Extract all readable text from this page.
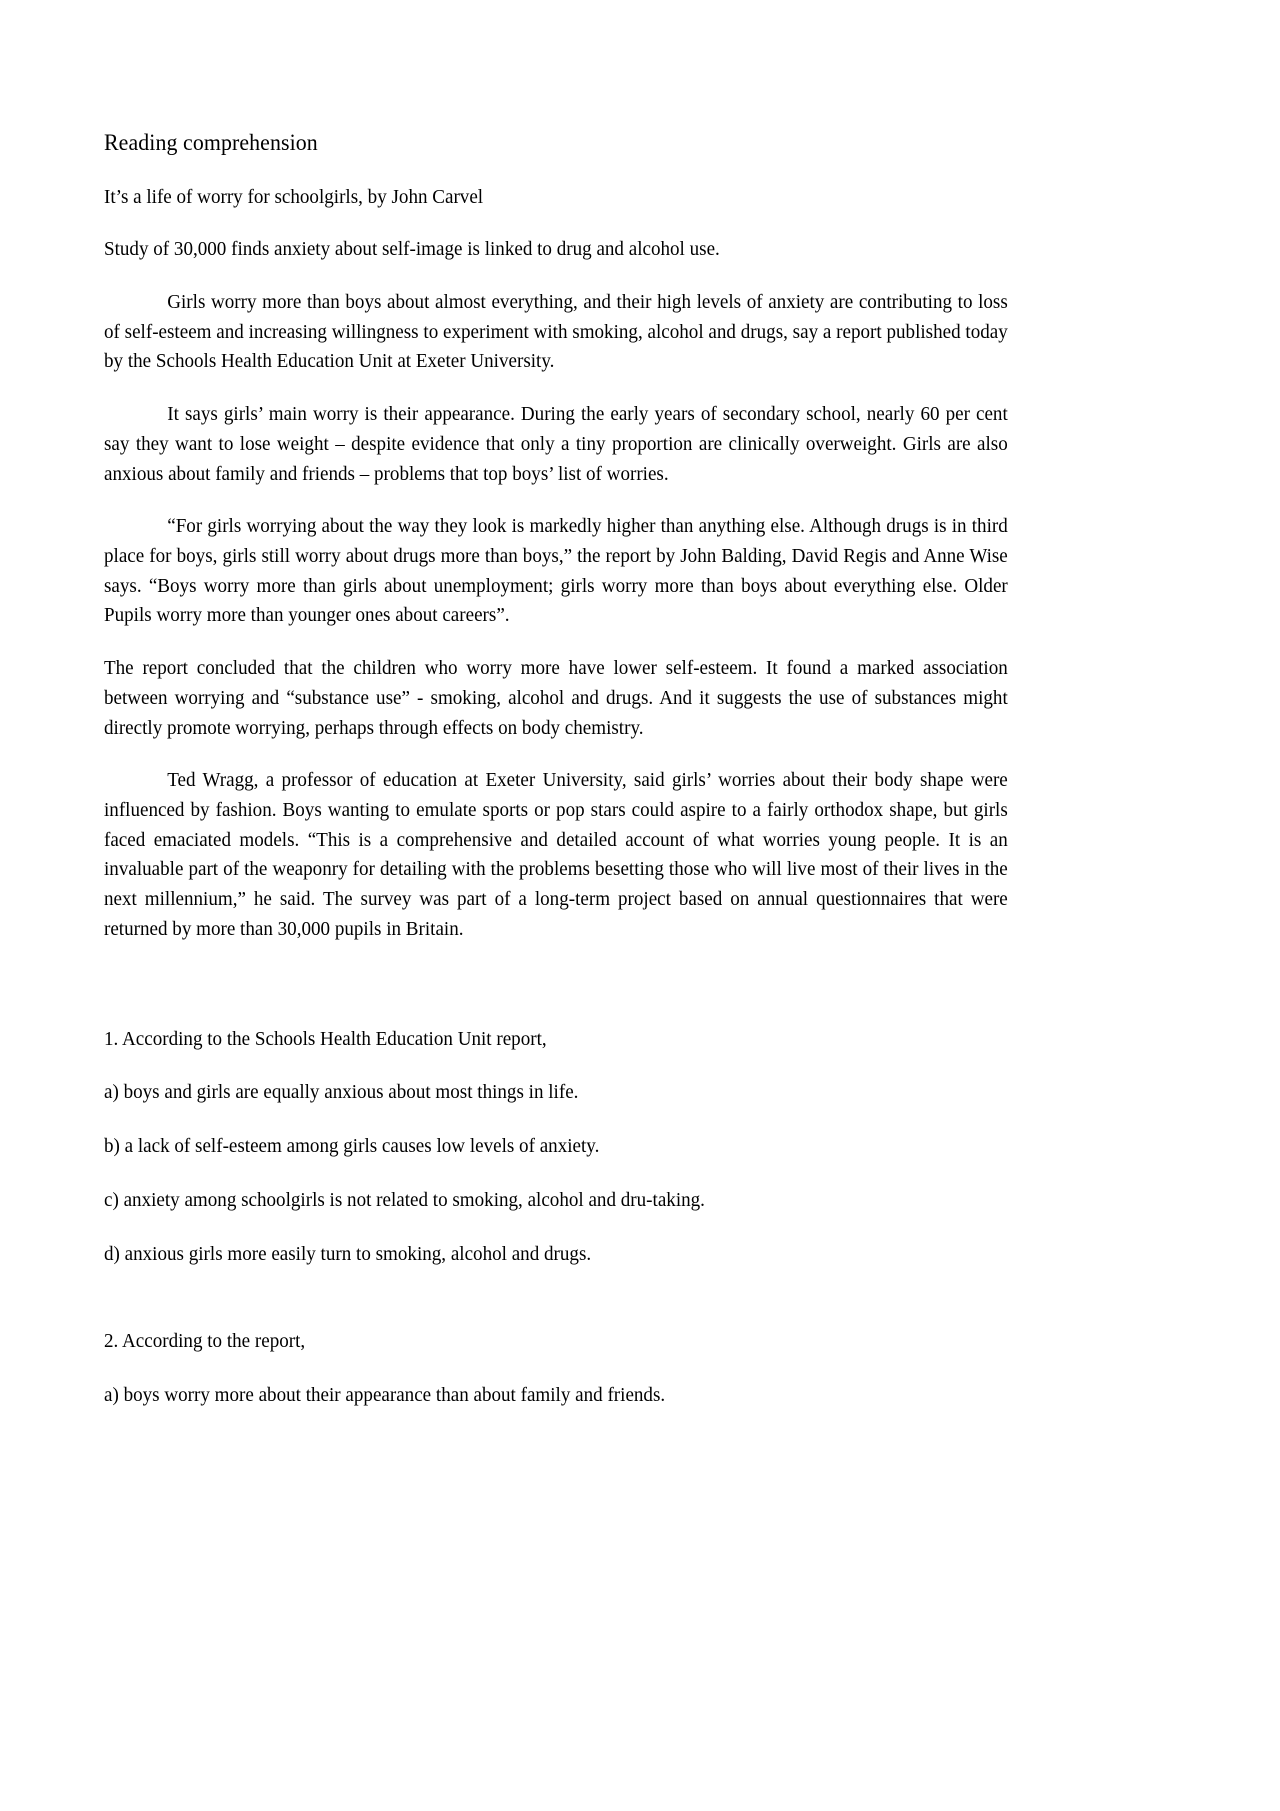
Reading comprehension

It’s a life of worry for schoolgirls, by John Carvel

Study of 30,000 finds anxiety about self-image is linked to drug and alcohol use.

Girls worry more than boys about almost everything, and their high levels of anxiety are contributing to loss of self-esteem and increasing willingness to experiment with smoking, alcohol and drugs, say a report published today by the Schools Health Education Unit at Exeter University.

It says girls’ main worry is their appearance. During the early years of secondary school, nearly 60 per cent say they want to lose weight – despite evidence that only a tiny proportion are clinically overweight. Girls are also anxious about family and friends – problems that top boys’ list of worries.

“For girls worrying about the way they look is markedly higher than anything else. Although drugs is in third place for boys, girls still worry about drugs more than boys,” the report by John Balding, David Regis and Anne Wise says. “Boys worry more than girls about unemployment; girls worry more than boys about everything else. Older Pupils worry more than younger ones about careers”.

The report concluded that the children who worry more have lower self-esteem. It found a marked association between worrying and “substance use” - smoking, alcohol and drugs. And it suggests the use of substances might directly promote worrying, perhaps through effects on body chemistry.

Ted Wragg, a professor of education at Exeter University, said girls’ worries about their body shape were influenced by fashion. Boys wanting to emulate sports or pop stars could aspire to a fairly orthodox shape, but girls faced emaciated models. “This is a comprehensive and detailed account of what worries young people. It is an invaluable part of the weaponry for detailing with the problems besetting those who will live most of their lives in the next millennium,” he said. The survey was part of a long-term project based on annual questionnaires that were returned by more than 30,000 pupils in Britain.

1. According to the Schools Health Education Unit report,

a) boys and girls are equally anxious about most things in life.

b) a lack of self-esteem among girls causes low levels of anxiety.

c) anxiety among schoolgirls is not related to smoking, alcohol and dru-taking.

d) anxious girls more easily turn to smoking, alcohol and drugs.

2. According to the report,

a) boys worry more about their appearance than about family and friends.
